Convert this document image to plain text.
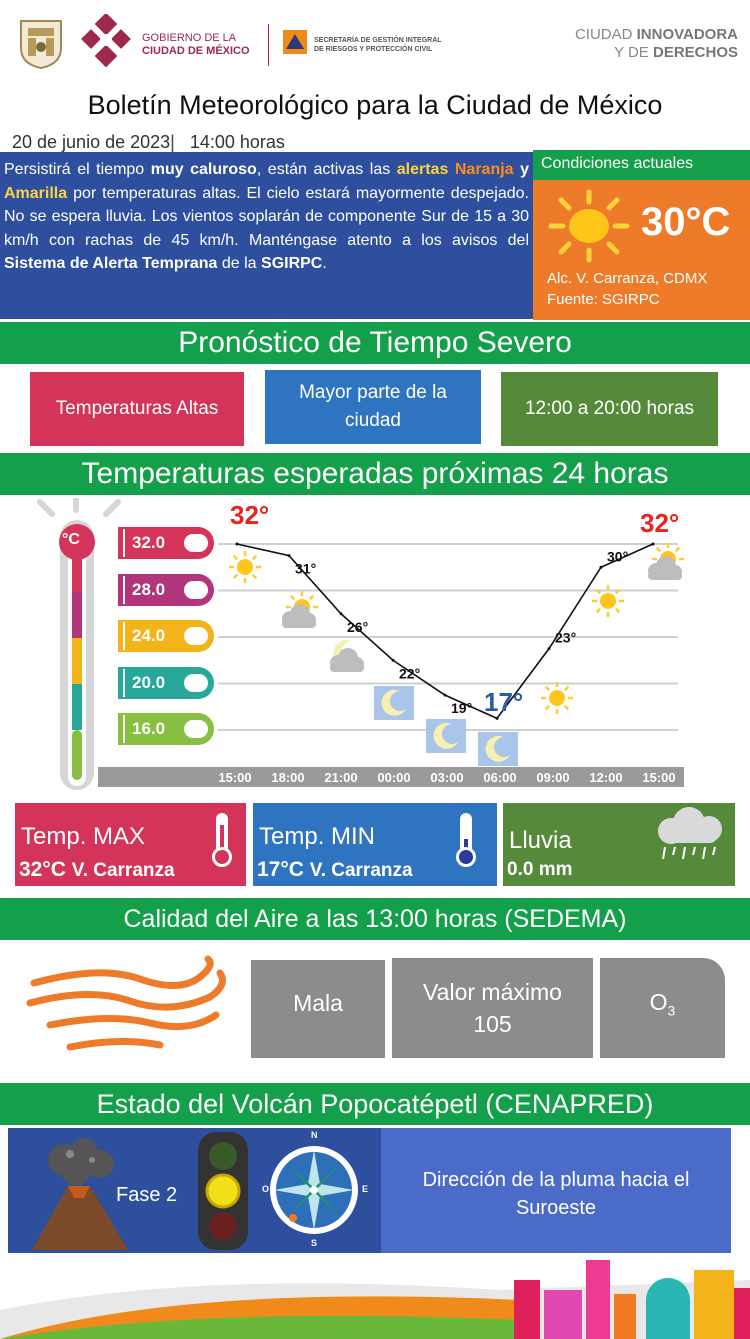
GOBIERNO DE LA
CIUDAD DE MÉXICO
SECRETARÍA DE GESTIÓN INTEGRAL
DE RIESGOS Y PROTECCIÓN CIVIL
CIUDAD INNOVADORA
Y DE DERECHOS
Boletín Meteorológico para la Ciudad de México
20 de junio de 2023| 14:00 horas
Persistirá el tiempo muy caluroso, están activas las alertas Naranja y Amarilla por temperaturas altas. El cielo estará mayormente despejado. No se espera lluvia. Los vientos soplarán de componente Sur de 15 a 30 km/h con rachas de 45 km/h. Manténgase atento a los avisos del Sistema de Alerta Temprana de la SGIRPC.
Condiciones actuales
30°C
Alc. V. Carranza, CDMX
Fuente: SGIRPC
Pronóstico de Tiempo Severo
Temperaturas Altas
Mayor parte de la
ciudad
12:00 a 20:00 horas
Temperaturas esperadas próximas 24 horas
°C	32.0
28.0
24.0
20.0
16.0
15:00 18:00 21:00 00:00 03:00 06:00 09:00 12:00 15:00
31°
26°
22°
19°
23°
30°
32°	32°
17°
Temp. MAX
32°C V. Carranza
Temp. MIN
17°C V. Carranza
Lluvia
0.0 mm
Calidad del Aire a las 13:00 horas (SEDEMA)
Mala	Valor máximo
105
$O_3$
Estado del Volcán Popocatépetl (CENAPRED)
Fase 2
N
S
E
O	Dirección de la pluma hacia el
Suroeste
